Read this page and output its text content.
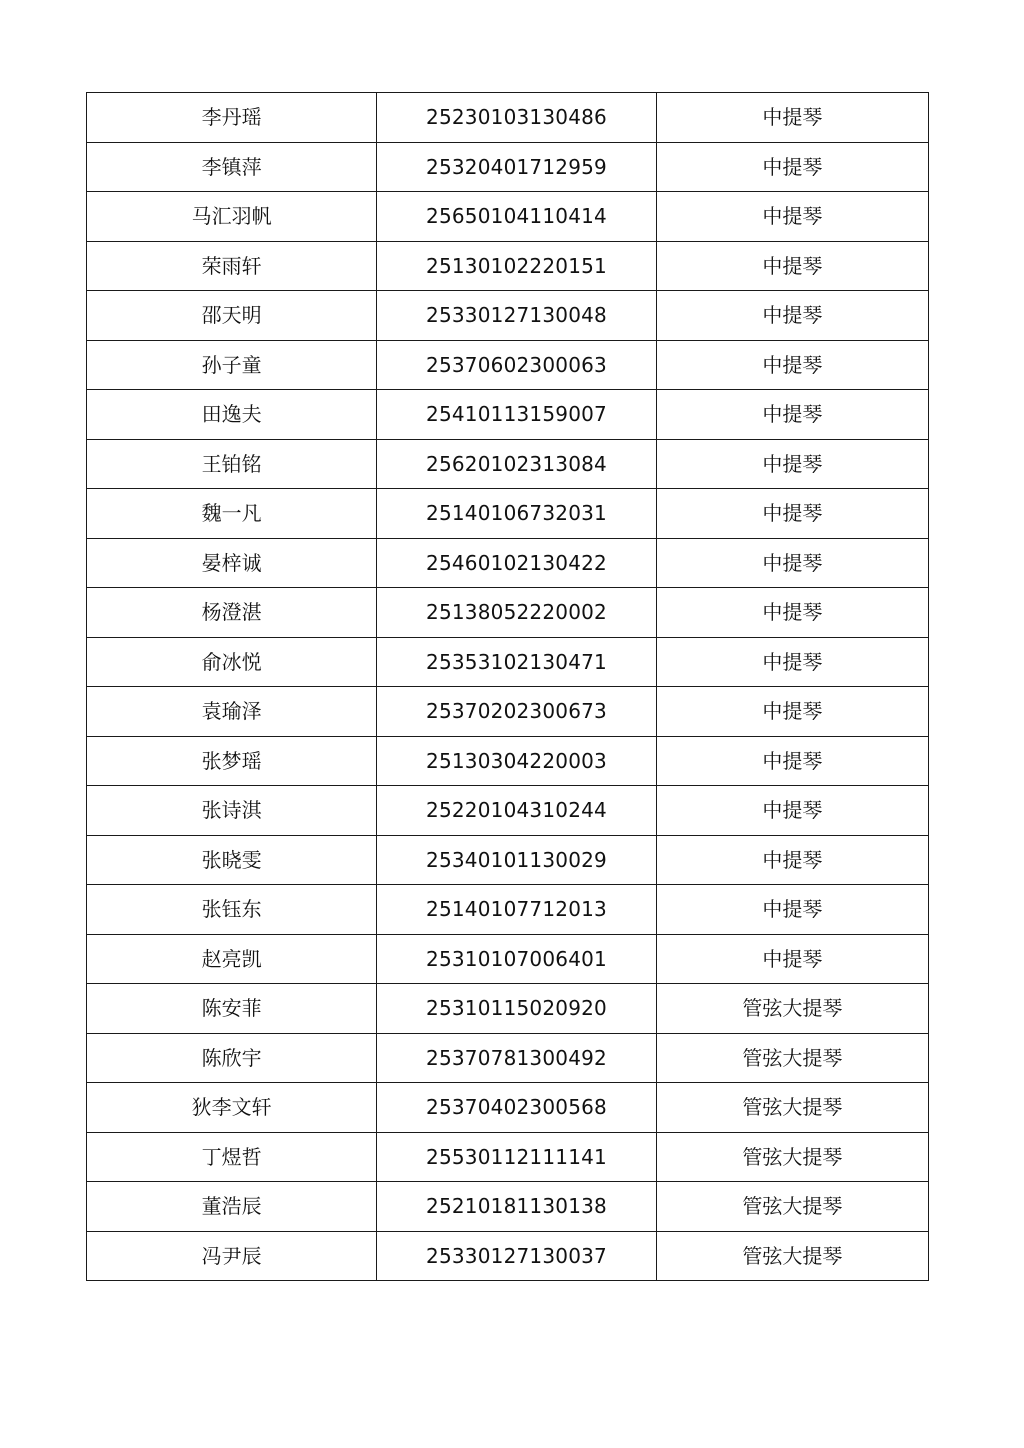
李丹瑶	25230103130486	中提琴
李镇萍	25320401712959	中提琴
马汇羽帆	25650104110414	中提琴
荣雨轩	25130102220151	中提琴
邵天明	25330127130048	中提琴
孙子童	25370602300063	中提琴
田逸夫	25410113159007	中提琴
王铂铭	25620102313084	中提琴
魏一凡	25140106732031	中提琴
晏梓诚	25460102130422	中提琴
杨澄湛	25138052220002	中提琴
俞冰悦	25353102130471	中提琴
袁瑜泽	25370202300673	中提琴
张梦瑶	25130304220003	中提琴
张诗淇	25220104310244	中提琴
张晓雯	25340101130029	中提琴
张钰东	25140107712013	中提琴
赵亮凯	25310107006401	中提琴
陈安菲	25310115020920	管弦大提琴
陈欣宇	25370781300492	管弦大提琴
狄李文轩	25370402300568	管弦大提琴
丁煜哲	25530112111141	管弦大提琴
董浩辰	25210181130138	管弦大提琴
冯尹辰	25330127130037	管弦大提琴
